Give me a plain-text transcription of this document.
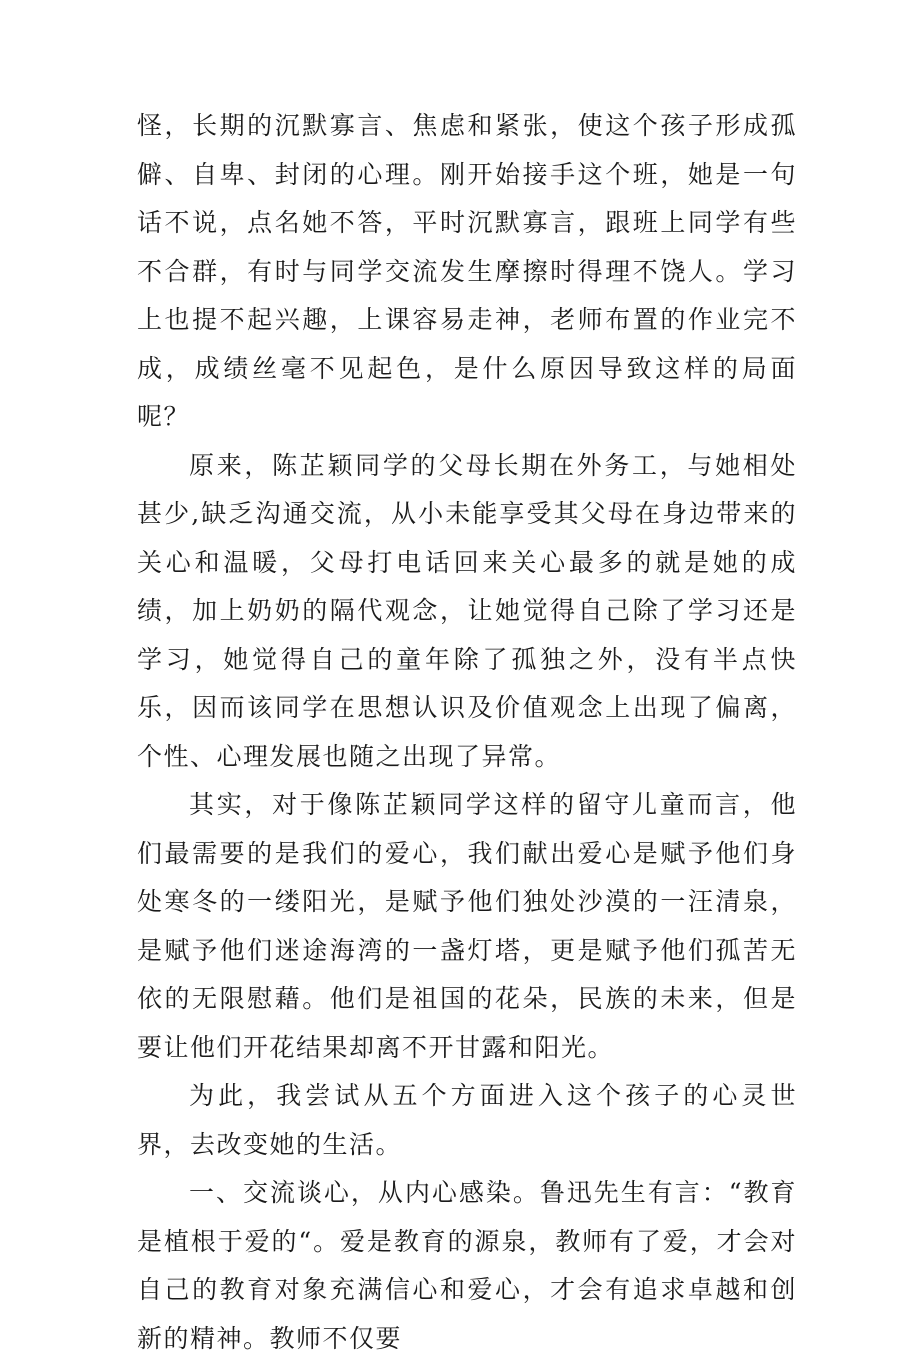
怪，长期的沉默寡言、焦虑和紧张，使这个孩子形成孤僻、自卑、封闭的心理。刚开始接手这个班，她是一句话不说，点名她不答，平时沉默寡言，跟班上同学有些不合群，有时与同学交流发生摩擦时得理不饶人。学习上也提不起兴趣，上课容易走神，老师布置的作业完不成，成绩丝毫不见起色，是什么原因导致这样的局面呢？

原来，陈芷颖同学的父母长期在外务工，与她相处甚少,缺乏沟通交流，从小未能享受其父母在身边带来的关心和温暖，父母打电话回来关心最多的就是她的成绩，加上奶奶的隔代观念，让她觉得自己除了学习还是学习，她觉得自己的童年除了孤独之外，没有半点快乐，因而该同学在思想认识及价值观念上出现了偏离，个性、心理发展也随之出现了异常。

其实，对于像陈芷颖同学这样的留守儿童而言，他们最需要的是我们的爱心，我们献出爱心是赋予他们身处寒冬的一缕阳光，是赋予他们独处沙漠的一汪清泉，是赋予他们迷途海湾的一盏灯塔，更是赋予他们孤苦无依的无限慰藉。他们是祖国的花朵，民族的未来，但是要让他们开花结果却离不开甘露和阳光。

为此，我尝试从五个方面进入这个孩子的心灵世界，去改变她的生活。

一、交流谈心，从内心感染。鲁迅先生有言：“教育是植根于爱的“。爱是教育的源泉，教师有了爱，才会对自己的教育对象充满信心和爱心，才会有追求卓越和创新的精神。教师不仅要
